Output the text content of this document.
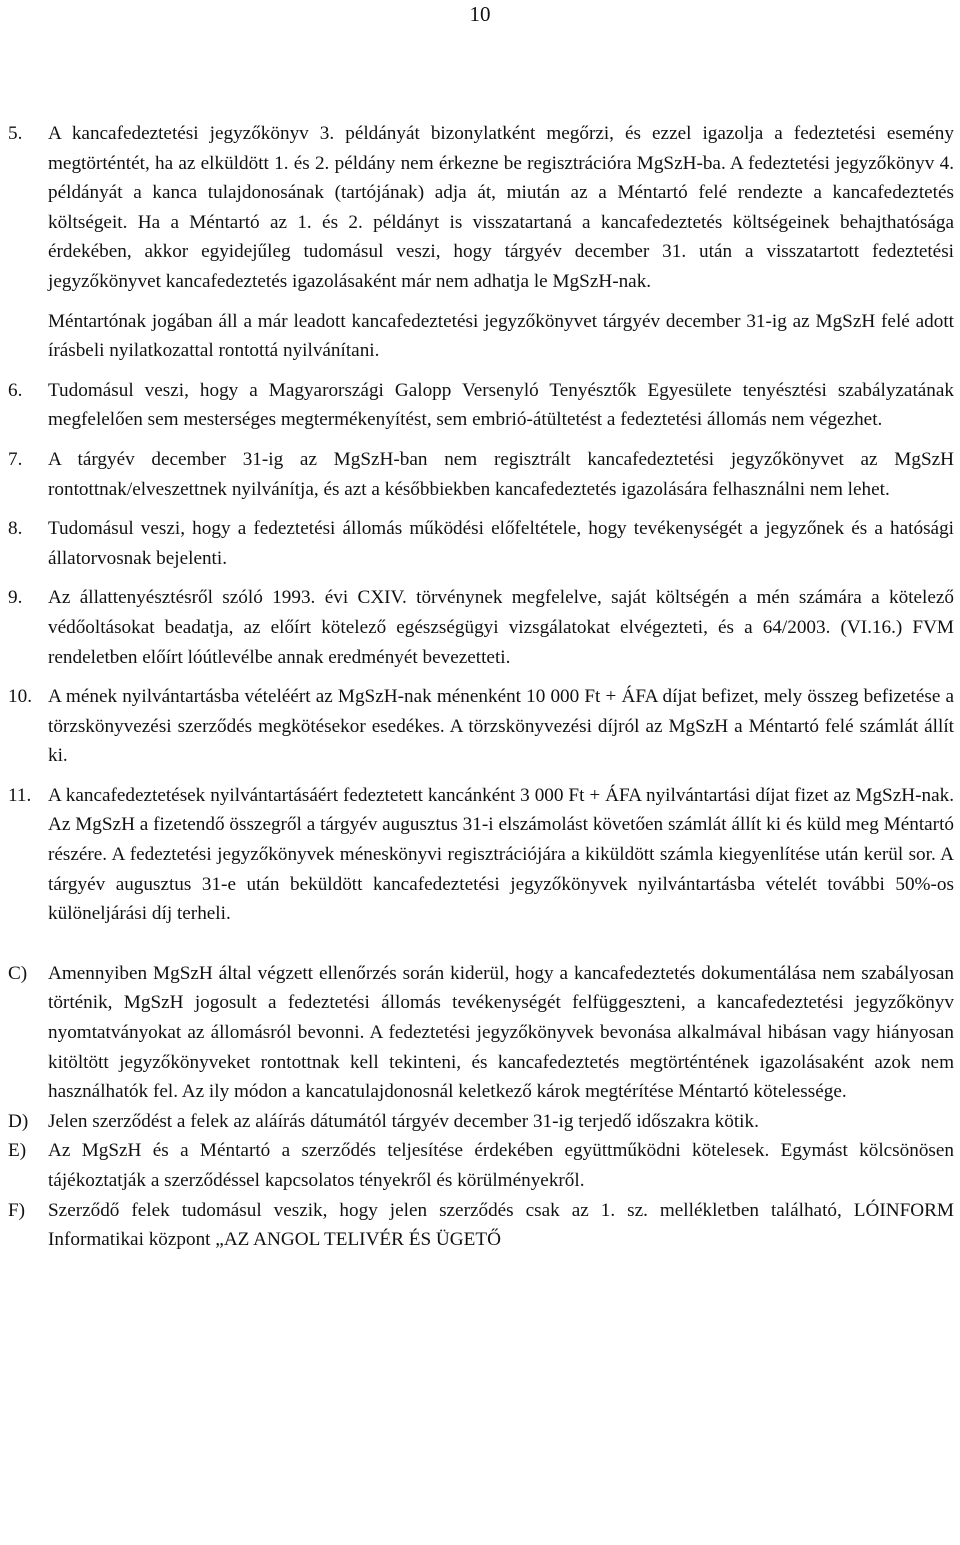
10
5. A kancafedeztetési jegyzőkönyv 3. példányát bizonylatként megőrzi, és ezzel igazolja a fedeztetési esemény megtörténtét, ha az elküldött 1. és 2. példány nem érkezne be regisztrációra MgSzH-ba. A fedeztetési jegyzőkönyv 4. példányát a kanca tulajdonosának (tartójának) adja át, miután az a Méntartó felé rendezte a kancafedeztetés költségeit. Ha a Méntartó az 1. és 2. példányt is visszatartaná a kancafedeztetés költségeinek behajthatósága érdekében, akkor egyidejűleg tudomásul veszi, hogy tárgyév december 31. után a visszatartott fedeztetési jegyzőkönyvet kancafedeztetés igazolásaként már nem adhatja le MgSzH-nak.

Méntartónak jogában áll a már leadott kancafedeztetési jegyzőkönyvet tárgyév december 31-ig az MgSzH felé adott írásbeli nyilatkozattal rontottá nyilvánítani.

6. Tudomásul veszi, hogy a Magyarországi Galopp Versenyló Tenyésztők Egyesülete tenyésztési szabályzatának megfelelően sem mesterséges megtermékenyítést, sem embrió-átültetést a fedeztetési állomás nem végezhet.
7. A tárgyév december 31-ig az MgSzH-ban nem regisztrált kancafedeztetési jegyzőkönyvet az MgSzH rontottnak/elveszettnek nyilvánítja, és azt a későbbiekben kancafedeztetés igazolására felhasználni nem lehet.
8. Tudomásul veszi, hogy a fedeztetési állomás működési előfeltétele, hogy tevékenységét a jegyzőnek és a hatósági állatorvosnak bejelenti.
9. Az állattenyésztésről szóló 1993. évi CXIV. törvénynek megfelelve, saját költségén a mén számára a kötelező védőoltásokat beadatja, az előírt kötelező egészségügyi vizsgálatokat elvégezteti, és a 64/2003. (VI.16.) FVM rendeletben előírt lóútlevélbe annak eredményét bevezetteti.
10. A mének nyilvántartásba vételéért az MgSzH-nak ménenként 10 000 Ft + ÁFA díjat befizet, mely összeg befizetése a törzskönyvezési szerződés megkötésekor esedékes. A törzskönyvezési díjról az MgSzH a Méntartó felé számlát állít ki.
11. A kancafedeztetések nyilvántartásáért fedeztetett kancánként 3 000 Ft + ÁFA nyilvántartási díjat fizet az MgSzH-nak. Az MgSzH a fizetendő összegről a tárgyév augusztus 31-i elszámolást követően számlát állít ki és küld meg Méntartó részére. A fedeztetési jegyzőkönyvek méneskönyvi regisztrációjára a kiküldött számla kiegyenlítése után kerül sor. A tárgyév augusztus 31-e után beküldött kancafedeztetési jegyzőkönyvek nyilvántartásba vételét további 50%-os különeljárási díj terheli.
C) Amennyiben MgSzH által végzett ellenőrzés során kiderül, hogy a kancafedeztetés dokumentálása nem szabályosan történik, MgSzH jogosult a fedeztetési állomás tevékenységét felfüggeszteni, a kancafedeztetési jegyzőkönyv nyomtatványokat az állomásról bevonni. A fedeztetési jegyzőkönyvek bevonása alkalmával hibásan vagy hiányosan kitöltött jegyzőkönyveket rontottnak kell tekinteni, és kancafedeztetés megtörténtének igazolásaként azok nem használhatók fel. Az ily módon a kancatulajdonosnál keletkező károk megtérítése Méntartó kötelessége.
D) Jelen szerződést a felek az aláírás dátumától tárgyév december 31-ig terjedő időszakra kötik.
E) Az MgSzH és a Méntartó a szerződés teljesítése érdekében együttműködni kötelesek. Egymást kölcsönösen tájékoztatják a szerződéssel kapcsolatos tényekről és körülményekről.
F) Szerződő felek tudomásul veszik, hogy jelen szerződés csak az 1. sz. mellékletben található, LÓINFORM Informatikai központ „AZ ANGOL TELIVÉR ÉS ÜGETŐ
